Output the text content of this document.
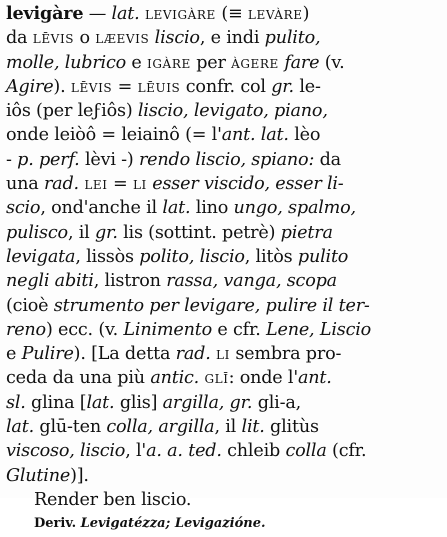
levigàre — lat. levigàre (≡ levàre)
da lēvis o læevis liscio, e indi pulito,
molle, lubrico e igàre per àgere fare (v.
Agire). lēvis = lēuis confr. col gr. le-
iôs (per leϝiôs) liscio, levigato, piano,
onde leiòô = leiainô (= l'ant. lat. lèo
- p. perf. lèvi -) rendo liscio, spiano: da
una rad. lei = li esser viscido, esser li-
scio, ond'anche il lat. lino ungo, spalmo,
pulisco, il gr. lis (sottint. petrè) pietra
levigata, lissòs polito, liscio, litòs pulito
negli abiti, listron rassa, vanga, scopa
(cioè strumento per levigare, pulire il ter-
reno) ecc. (v. Linimento e cfr. Lene, Liscio
e Pulire). [La detta rad. li sembra pro-
ceda da una più antic. glī: onde l'ant.
sl. glina [lat. glis] argilla, gr. gli-a,
lat. glū-ten colla, argilla, il lit. glitùs
viscoso, liscio, l'a. a. ted. chleib colla (cfr.
Glutine)].
Render ben liscio.
Deriv. Levigatézza; Levigazióne.
